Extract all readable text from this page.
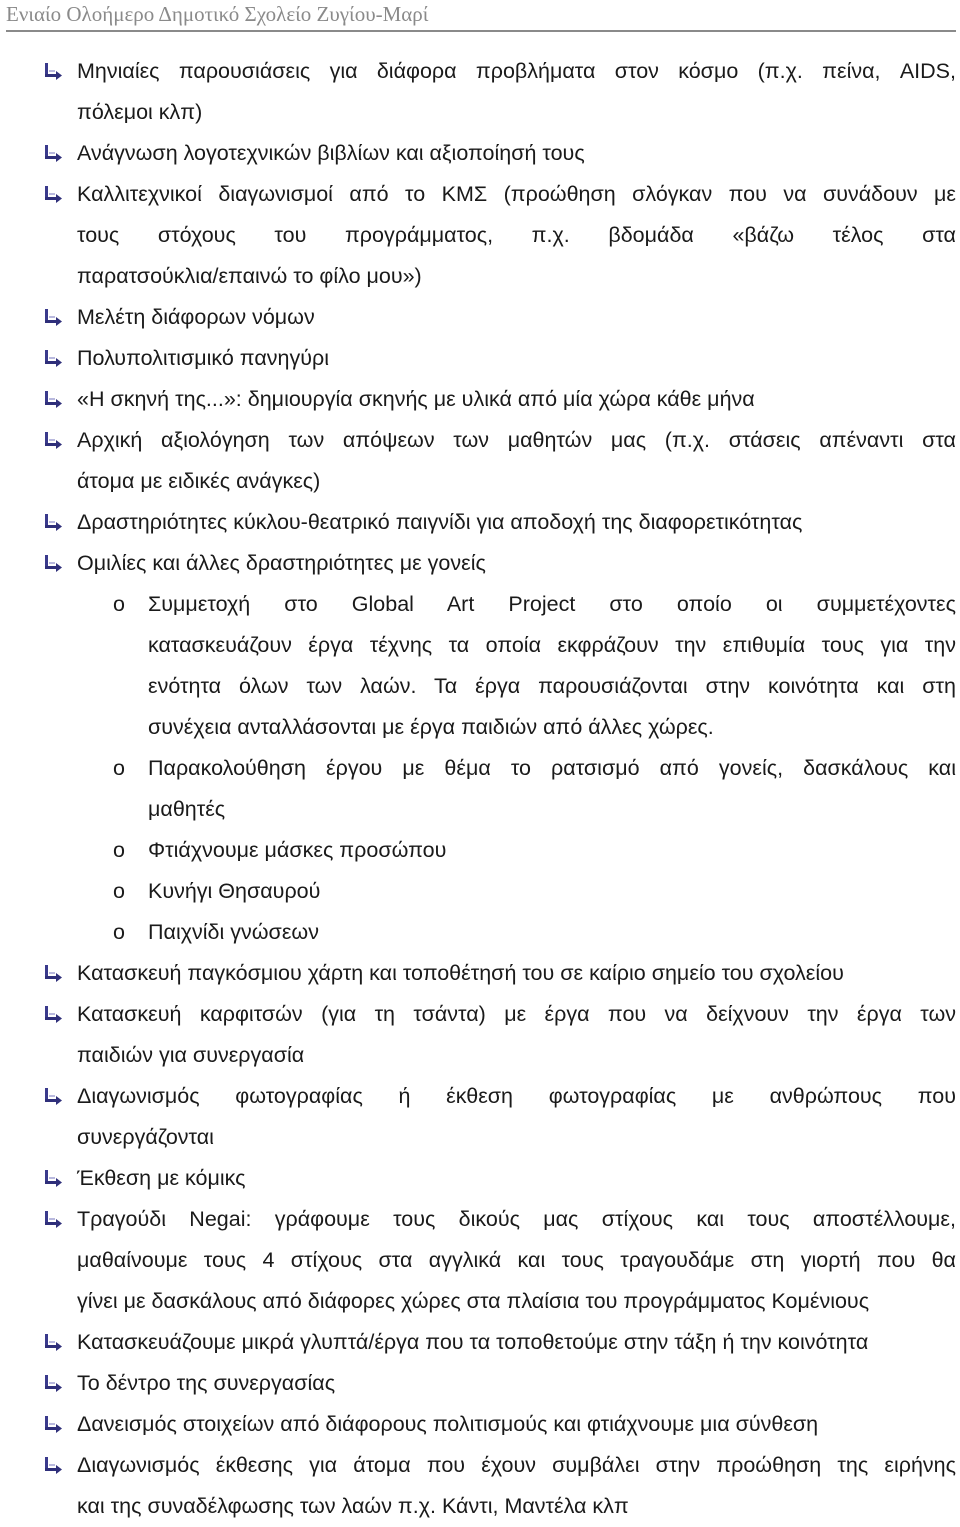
Ενιαίο Ολοήμερο Δημοτικό Σχολείο Ζυγίου-Μαρί
Μηνιαίες παρουσιάσεις για διάφορα προβλήματα στον κόσμο (π.χ. πείνα, AIDS,
πόλεμοι κλπ)
Ανάγνωση λογοτεχνικών βιβλίων και αξιοποίησή τους
Καλλιτεχνικοί διαγωνισμοί από το ΚΜΣ (προώθηση σλόγκαν που να συνάδουν με
τους στόχους του προγράμματος, π.χ. βδομάδα «βάζω τέλος στα
παρατσούκλια/επαινώ το φίλο μου»)
Μελέτη διάφορων νόμων
Πολυπολιτισμικό πανηγύρι
«Η σκηνή της...»: δημιουργία σκηνής με υλικά από μία χώρα κάθε μήνα
Αρχική αξιολόγηση των απόψεων των μαθητών μας (π.χ. στάσεις απέναντι στα
άτομα με ειδικές ανάγκες)
Δραστηριότητες κύκλου-θεατρικό παιγνίδι για αποδοχή της διαφορετικότητας
Ομιλίες και άλλες δραστηριότητες με γονείς
o Συμμετοχή στο Global Art Project στο οποίο οι συμμετέχοντες
κατασκευάζουν έργα τέχνης τα οποία εκφράζουν την επιθυμία τους για την
ενότητα όλων των λαών. Τα έργα παρουσιάζονται στην κοινότητα και στη
συνέχεια ανταλλάσονται με έργα παιδιών από άλλες χώρες.
o Παρακολούθηση έργου με θέμα το ρατσισμό από γονείς, δασκάλους και
μαθητές
o Φτιάχνουμε μάσκες προσώπου
o Κυνήγι Θησαυρού
o Παιχνίδι γνώσεων
Κατασκευή παγκόσμιου χάρτη και τοποθέτησή του σε καίριο σημείο του σχολείου
Κατασκευή καρφιτσών (για τη τσάντα) με έργα που να δείχνουν την έργα των
παιδιών για συνεργασία
Διαγωνισμός φωτογραφίας ή έκθεση φωτογραφίας με ανθρώπους που
συνεργάζονται
Έκθεση με κόμικς
Τραγούδι Negai: γράφουμε τους δικούς μας στίχους και τους αποστέλλουμε,
μαθαίνουμε τους 4 στίχους στα αγγλικά και τους τραγουδάμε στη γιορτή που θα
γίνει με δασκάλους από διάφορες χώρες στα πλαίσια του προγράμματος Κομένιους
Κατασκευάζουμε μικρά γλυπτά/έργα που τα τοποθετούμε στην τάξη ή την κοινότητα
Το δέντρο της συνεργασίας
Δανεισμός στοιχείων από διάφορους πολιτισμούς και φτιάχνουμε μια σύνθεση
Διαγωνισμός έκθεσης για άτομα που έχουν συμβάλει στην προώθηση της ειρήνης
και της συναδέλφωσης των λαών π.χ. Κάντι, Μαντέλα κλπ
